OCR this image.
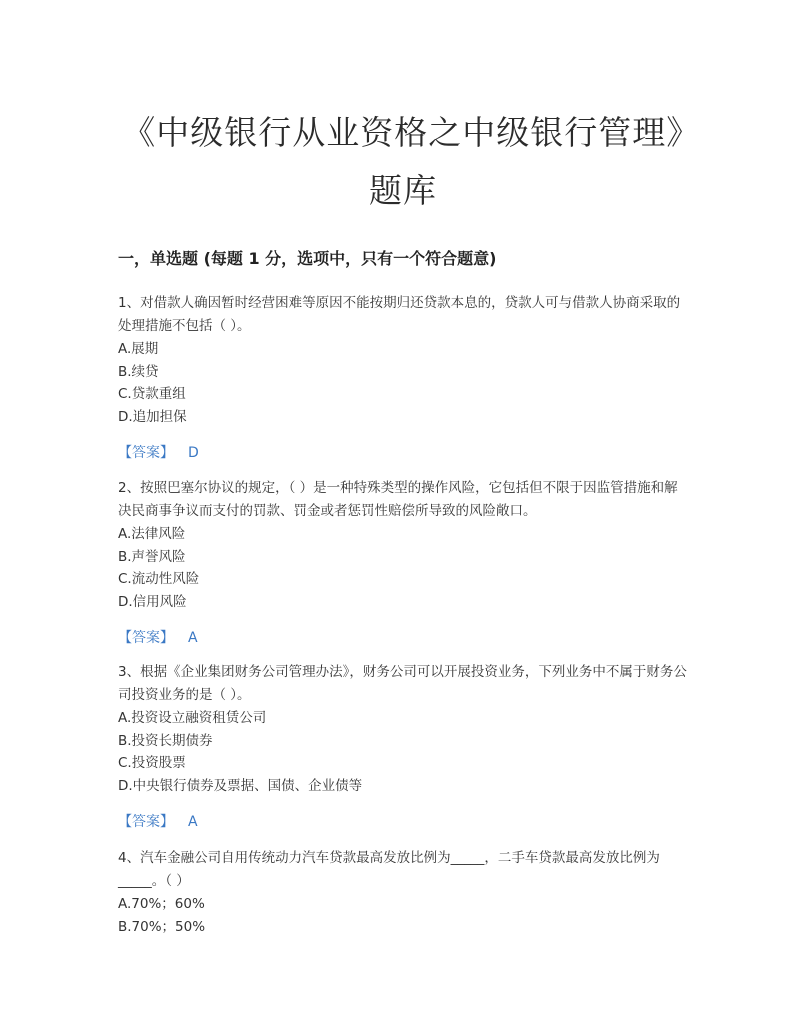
《中级银行从业资格之中级银行管理》题库
一，单选题 (每题 1 分，选项中，只有一个符合题意)

1、对借款人确因暂时经营困难等原因不能按期归还贷款本息的，贷款人可与借款人协商采取的处理措施不包括（ ）。

A.展期

B.续贷

C.贷款重组

D.追加担保

【答案】 D

2、按照巴塞尔协议的规定，（ ）是一种特殊类型的操作风险，它包括但不限于因监管措施和解决民商事争议而支付的罚款、罚金或者惩罚性赔偿所导致的风险敞口。

A.法律风险

B.声誉风险

C.流动性风险

D.信用风险

【答案】 A

3、根据《企业集团财务公司管理办法》，财务公司可以开展投资业务，下列业务中不属于财务公司投资业务的是（ ）。

A.投资设立融资租赁公司

B.投资长期债券

C.投资股票

D.中央银行债券及票据、国债、企业债等

【答案】 A

4、汽车金融公司自用传统动力汽车贷款最高发放比例为_____，二手车贷款最高发放比例为_____。（ ）

A.70%；60%

B.70%；50%
